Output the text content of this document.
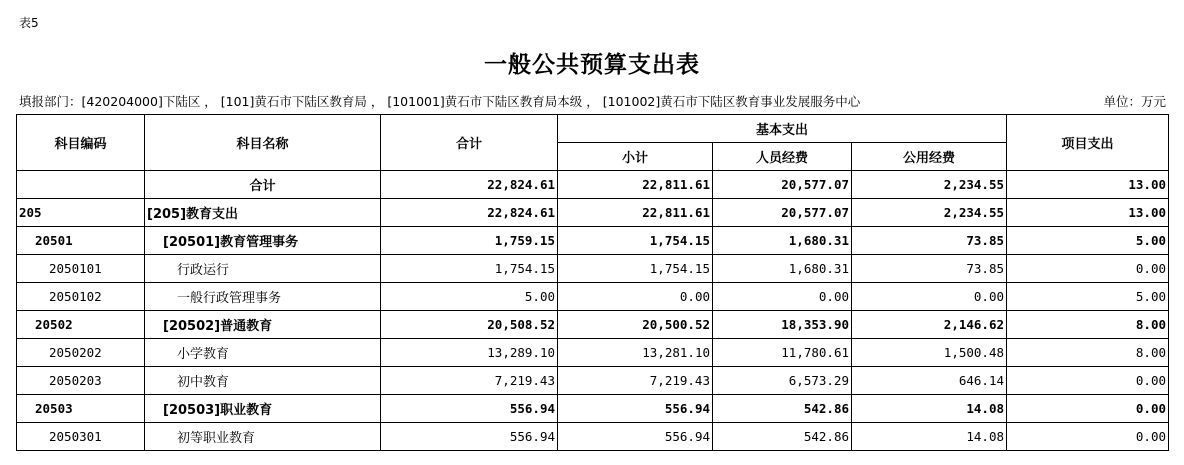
表5
一般公共预算支出表
填报部门：[420204000]下陆区 ， [101]黄石市下陆区教育局 ， [101001]黄石市下陆区教育局本级 ， [101002]黄石市下陆区教育事业发展服务中心	单位：万元
科目编码	科目名称	合计	基本支出			项目支出
			小计	人员经费	公用经费	
	合计	22,824.61	22,811.61	20,577.07	2,234.55	13.00
205	[205]教育支出	22,824.61	22,811.61	20,577.07	2,234.55	13.00
20501	[20501]教育管理事务	1,759.15	1,754.15	1,680.31	73.85	5.00
2050101	行政运行	1,754.15	1,754.15	1,680.31	73.85	0.00
2050102	一般行政管理事务	5.00	0.00	0.00	0.00	5.00
20502	[20502]普通教育	20,508.52	20,500.52	18,353.90	2,146.62	8.00
2050202	小学教育	13,289.10	13,281.10	11,780.61	1,500.48	8.00
2050203	初中教育	7,219.43	7,219.43	6,573.29	646.14	0.00
20503	[20503]职业教育	556.94	556.94	542.86	14.08	0.00
2050301	初等职业教育	556.94	556.94	542.86	14.08	0.00
